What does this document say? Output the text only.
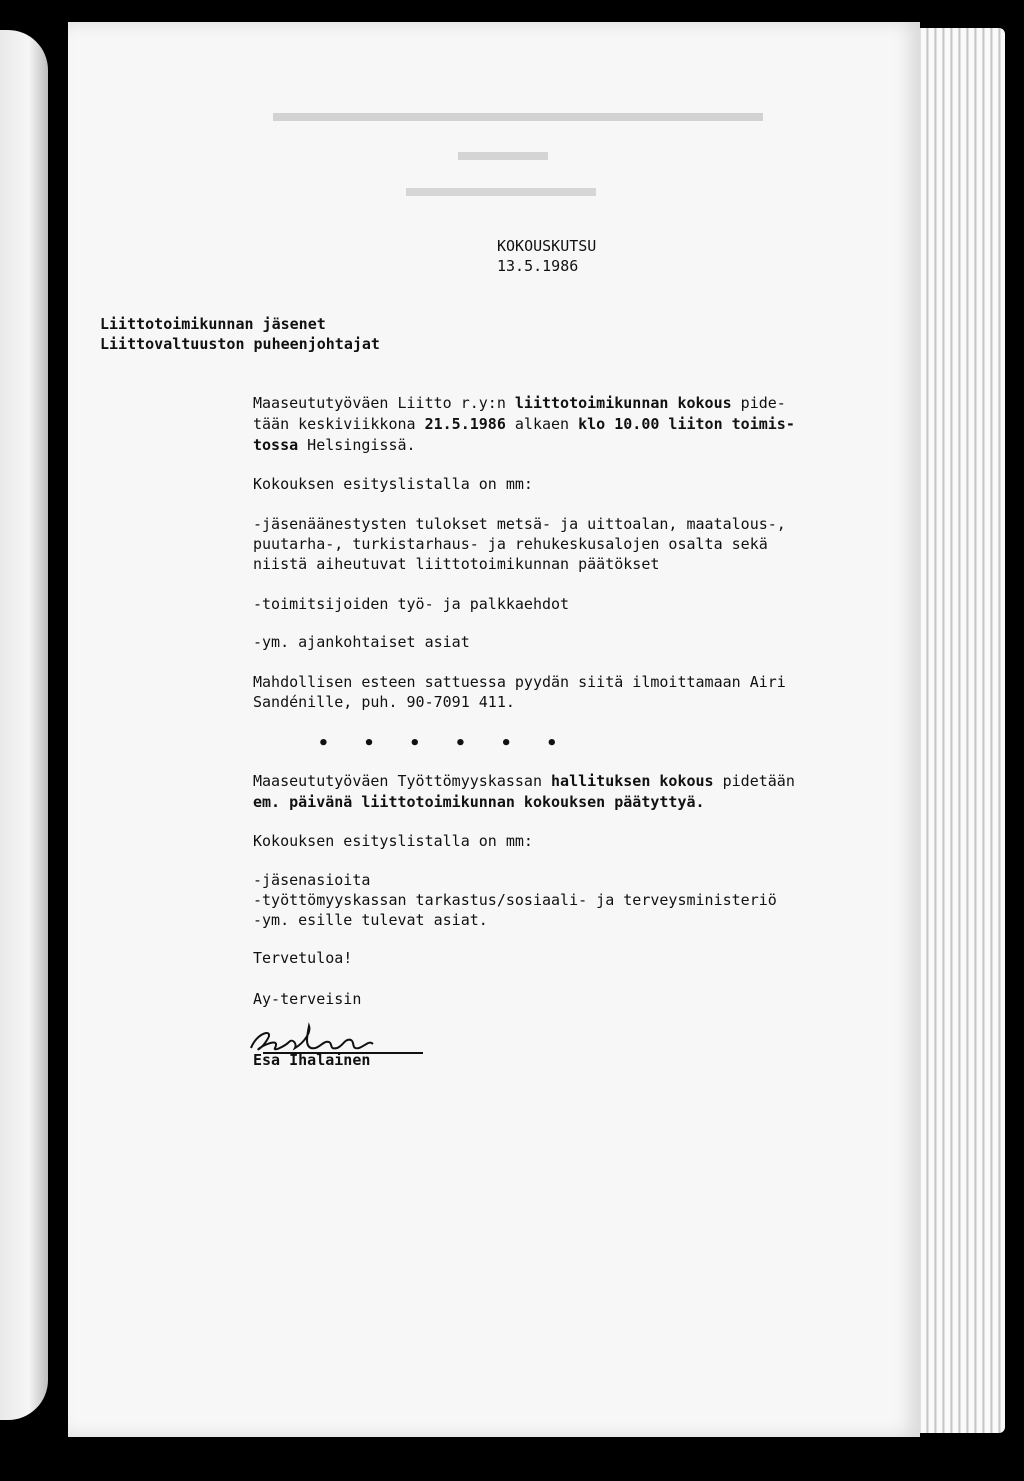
KOKOUSKUTSU
13.5.1986
Liittotoimikunnan jäsenet
Liittovaltuuston puheenjohtajat
Maaseututyöväen Liitto r.y:n liittotoimikunnan kokous pide-
tään keskiviikkona 21.5.1986 alkaen klo 10.00 liiton toimis-
tossa Helsingissä.
Kokouksen esityslistalla on mm:
-jäsenäänestysten tulokset metsä- ja uittoalan, maatalous-,
puutarha-, turkistarhaus- ja rehukeskusalojen osalta sekä
niistä aiheutuvat liittotoimikunnan päätökset
-toimitsijoiden työ- ja palkkaehdot
-ym. ajankohtaiset asiat
Mahdollisen esteen sattuessa pyydän siitä ilmoittamaan Airi
Sandénille, puh. 90-7091 411.
• • • • • •
Maaseututyöväen Työttömyyskassan hallituksen kokous pidetään
em. päivänä liittotoimikunnan kokouksen päätyttyä.
Kokouksen esityslistalla on mm:
-jäsenasioita
-työttömyyskassan tarkastus/sosiaali- ja terveysministeriö
-ym. esille tulevat asiat.
Tervetuloa!
Ay-terveisin
Esa Ihalainen
